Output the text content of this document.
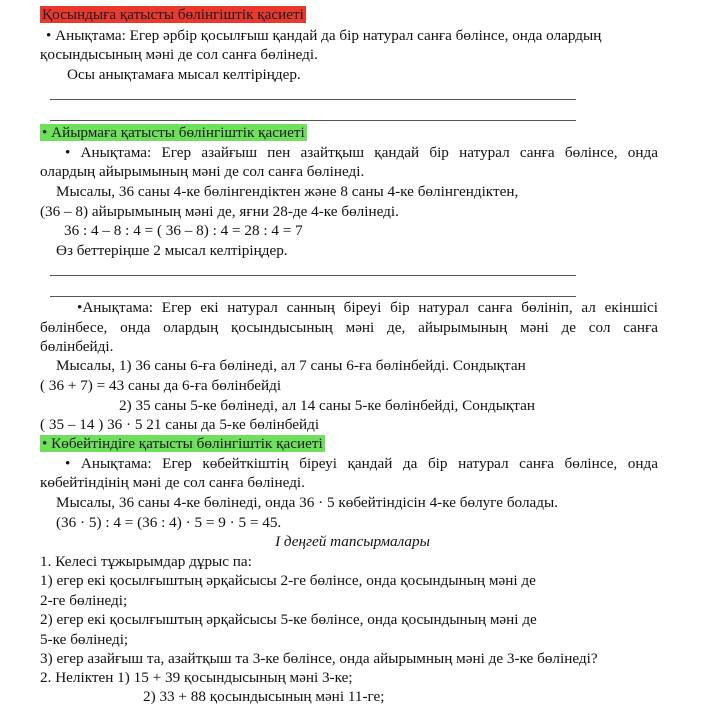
Қосындыға қатысты бөлінгіштік қасиеті
• Анықтама: Егер әрбір қосылғыш қандай да бір натурал санға бөлінсе, онда олардың
қосындысының мәні де сол санға бөлінеді.
Осы анықтамаға мысал келтіріңдер.
• Айырмаға қатысты бөлінгіштік қасиеті
• Анықтама: Егер азайғыш пен азайтқыш қандай бір натурал санға бөлінсе, онда
олардың айырымының мәні де сол санға бөлінеді.
Мысалы, 36 саны 4-ке бөлінгендіктен және 8 саны 4-ке бөлінгендіктен,
(36 – 8) айырымының мәні де, яғни 28-де 4-ке бөлінеді.
36 : 4 – 8 : 4 = ( 36 – 8) : 4 = 28 : 4 = 7
Өз беттеріңше 2 мысал келтіріңдер.
•Анықтама: Егер екі натурал санның біреуі бір натурал санға бөлініп, ал екіншісі
бөлінбесе, онда олардың қосындысының мәні де, айырымының мәні де сол санға
бөлінбейді.
Мысалы, 1) 36 саны 6-ға бөлінеді, ал 7 саны 6-ға бөлінбейді. Сондықтан
( 36 + 7) = 43 саны да 6-ға бөлінбейді
2) 35 саны 5-ке бөлінеді, ал 14 саны 5-ке бөлінбейді, Сондықтан
( 35 – 14 ) 36 · 5 21 саны да 5-ке бөлінбейді
• Көбейтіндіге қатысты бөлінгіштік қасиеті
• Анықтама: Егер көбейткіштің біреуі қандай да бір натурал санға бөлінсе, онда
көбейтіндінің мәні де сол санға бөлінеді.
Мысалы, 36 саны 4-ке бөлінеді, онда 36 · 5 көбейтіндісін 4-ке бөлуге болады.
(36 · 5) : 4 = (36 : 4) · 5 = 9 · 5 = 45.
І деңгей тапсырмалары
1. Келесі тұжырымдар дұрыс па:
1) егер екі қосылғыштың әрқайсысы 2-ге бөлінсе, онда қосындының мәні де
2-ге бөлінеді;
2) егер екі қосылғыштың әрқайсысы 5-ке бөлінсе, онда қосындының мәні де
5-ке бөлінеді;
3) егер азайғыш та, азайтқыш та 3-ке бөлінсе, онда айырымның мәні де 3-ке бөлінеді?
2. Неліктен 1) 15 + 39 қосындысының мәні 3-ке;
2) 33 + 88 қосындысының мәні 11-ге;
